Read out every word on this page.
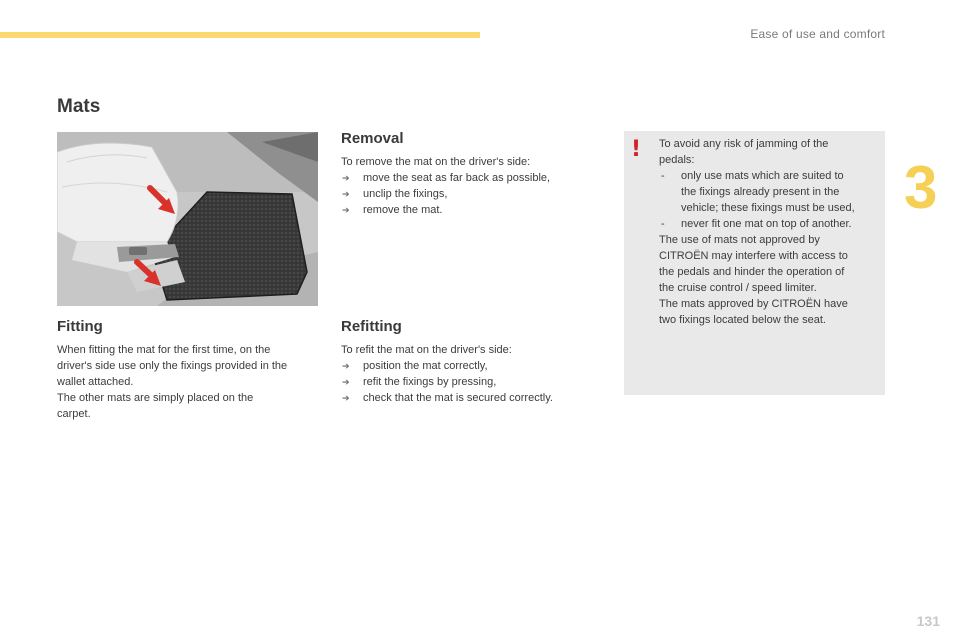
Ease of use and comfort
3
Mats
Fitting

When fitting the mat for the first time, on the

driver's side use only the fixings provided in the

wallet attached.

The other mats are simply placed on the

carpet.

Removal

To remove the mat on the driver's side:

➔ move the seat as far back as possible,
➔ unclip the fixings,
➔ remove the mat.
Refitting

To refit the mat on the driver's side:

➔ position the mat correctly,
➔ refit the fixings by pressing,
➔ check that the mat is secured correctly.
! To avoid any risk of jamming of the

pedals:

- only use mats which are suited to
the fixings already present in the
vehicle; these fixings must be used,
- never fit one mat on top of another.

The use of mats not approved by

CITROËN may interfere with access to

the pedals and hinder the operation of

the cruise control / speed limiter.

The mats approved by CITROËN have

two fixings located below the seat.

131
